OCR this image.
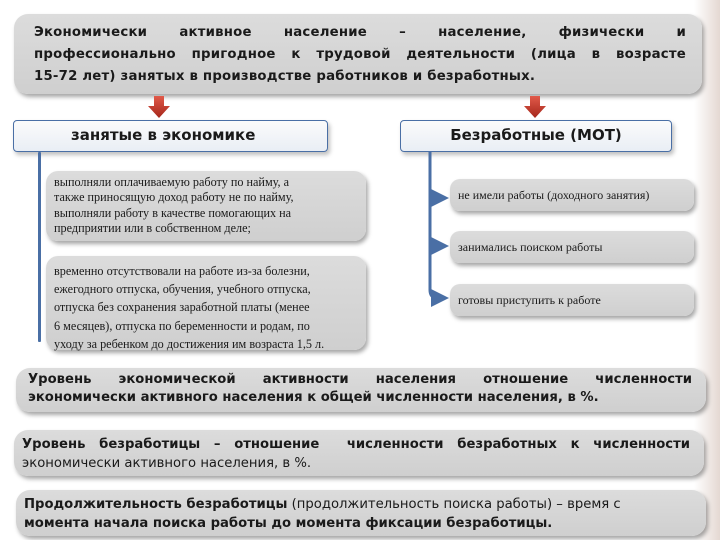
Экономически активное население – население, физически и

профессионально пригодное к трудовой деятельности (лица в возрасте

15-72 лет) занятых в производстве работников и безработных.

занятые в экономике

выполняли оплачиваемую работу по найму, а

также приносящую доход работу не по найму,

выполняли работу в качестве помогающих на

предприятии или в собственном деле;

временно отсутствовали на работе из-за болезни,

ежегодного отпуска, обучения, учебного отпуска,

отпуска без сохранения заработной платы (менее

6 месяцев), отпуска по беременности и родам, по

уходу за ребенком до достижения им возраста 1,5 л.

Безработные (МОТ)
не имели работы (доходного занятия)
занимались поиском работы
готовы приступить к работе

Уровень экономической активности населения отношение численности

экономически активного населения к общей численности населения, в %.

Уровень безработицы – отношение  численности безработных к численности

экономически активного населения, в %.

Продолжительность безработицы (продолжительность поиска работы) – время с

момента начала поиска работы до момента фиксации безработицы.
